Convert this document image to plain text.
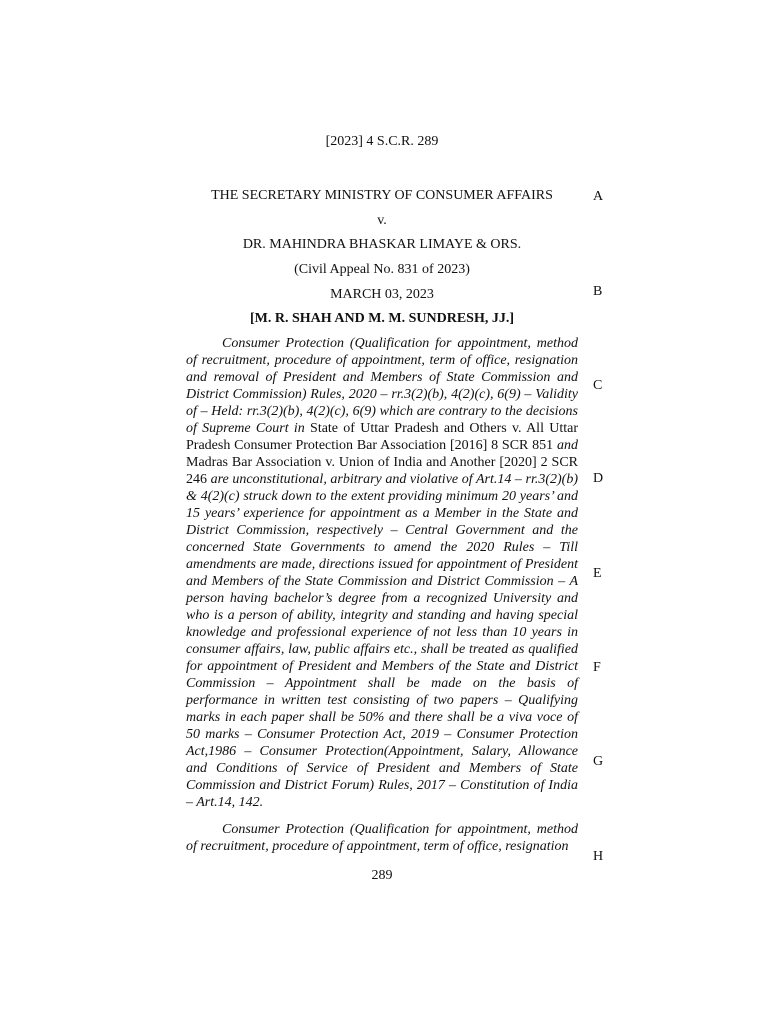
[2023] 4 S.C.R. 289
THE SECRETARY MINISTRY OF CONSUMER AFFAIRS
v.
DR. MAHINDRA BHASKAR LIMAYE & ORS.
(Civil Appeal No. 831 of 2023)
MARCH 03, 2023
[M. R. SHAH AND M. M. SUNDRESH, JJ.]
Consumer Protection (Qualification for appointment, method of recruitment, procedure of appointment, term of office, resignation and removal of President and Members of State Commission and District Commission) Rules, 2020 – rr.3(2)(b), 4(2)(c), 6(9) – Validity of – Held: rr.3(2)(b), 4(2)(c), 6(9) which are contrary to the decisions of Supreme Court in State of Uttar Pradesh and Others v. All Uttar Pradesh Consumer Protection Bar Association [2016] 8 SCR 851 and Madras Bar Association v. Union of India and Another [2020] 2 SCR 246 are unconstitutional, arbitrary and violative of Art.14 – rr.3(2)(b) & 4(2)(c) struck down to the extent providing minimum 20 years’ and 15 years’ experience for appointment as a Member in the State and District Commission, respectively – Central Government and the concerned State Governments to amend the 2020 Rules – Till amendments are made, directions issued for appointment of President and Members of the State Commission and District Commission – A person having bachelor’s degree from a recognized University and who is a person of ability, integrity and standing and having special knowledge and professional experience of not less than 10 years in consumer affairs, law, public affairs etc., shall be treated as qualified for appointment of President and Members of the State and District Commission – Appointment shall be made on the basis of performance in written test consisting of two papers – Qualifying marks in each paper shall be 50% and there shall be a viva voce of 50 marks – Consumer Protection Act, 2019 – Consumer Protection Act,1986 – Consumer Protection(Appointment, Salary, Allowance and Conditions of Service of President and Members of State Commission and District Forum) Rules, 2017 – Constitution of India – Art.14, 142.
Consumer Protection (Qualification for appointment, method of recruitment, procedure of appointment, term of office, resignation
A
B
C
D
E
F
G
H
289
